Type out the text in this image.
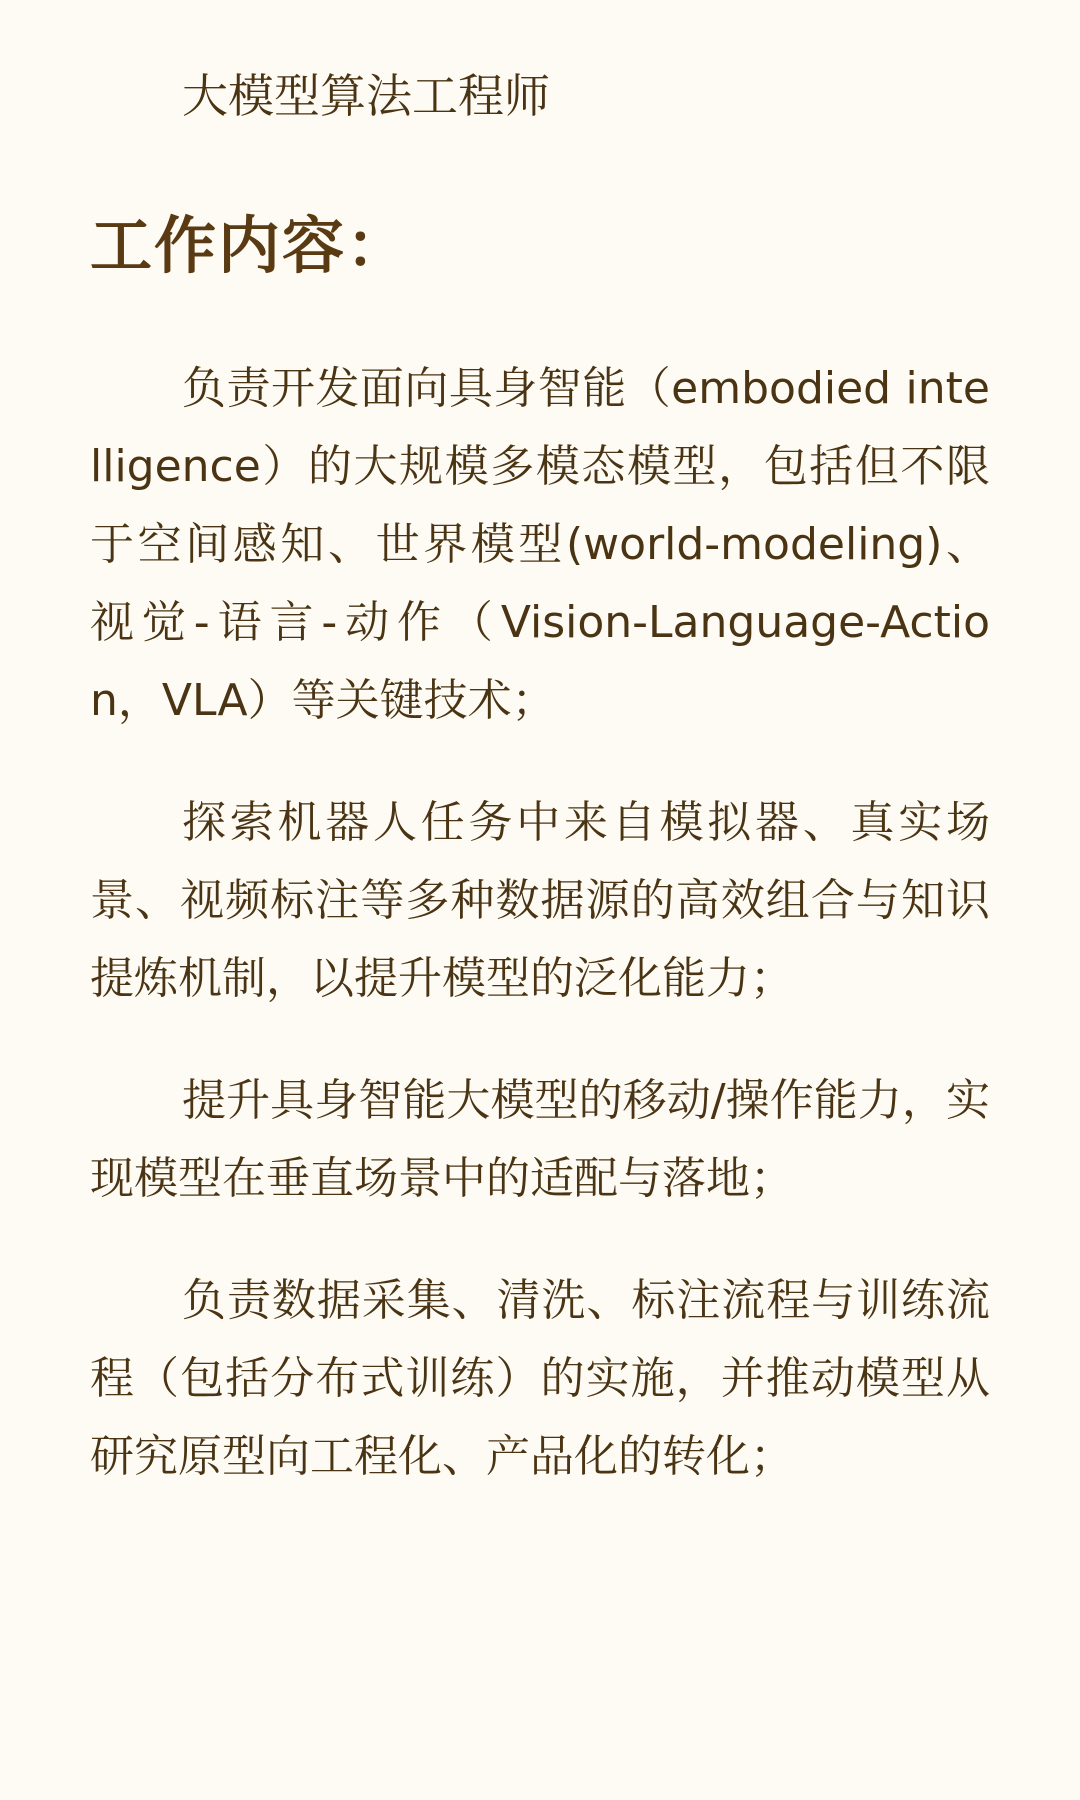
大模型算法工程师
工作内容：
负责开发面向具身智能（embodied intelligence）的大规模多模态模型，包括但不限于空间感知、世界模型(world-modeling)、视觉-语言-动作（Vision-Language-Action，VLA）等关键技术；
探索机器人任务中来自模拟器、真实场景、视频标注等多种数据源的高效组合与知识提炼机制，以提升模型的泛化能力；
提升具身智能大模型的移动/操作能力，实现模型在垂直场景中的适配与落地；
负责数据采集、清洗、标注流程与训练流程（包括分布式训练）的实施，并推动模型从研究原型向工程化、产品化的转化；
